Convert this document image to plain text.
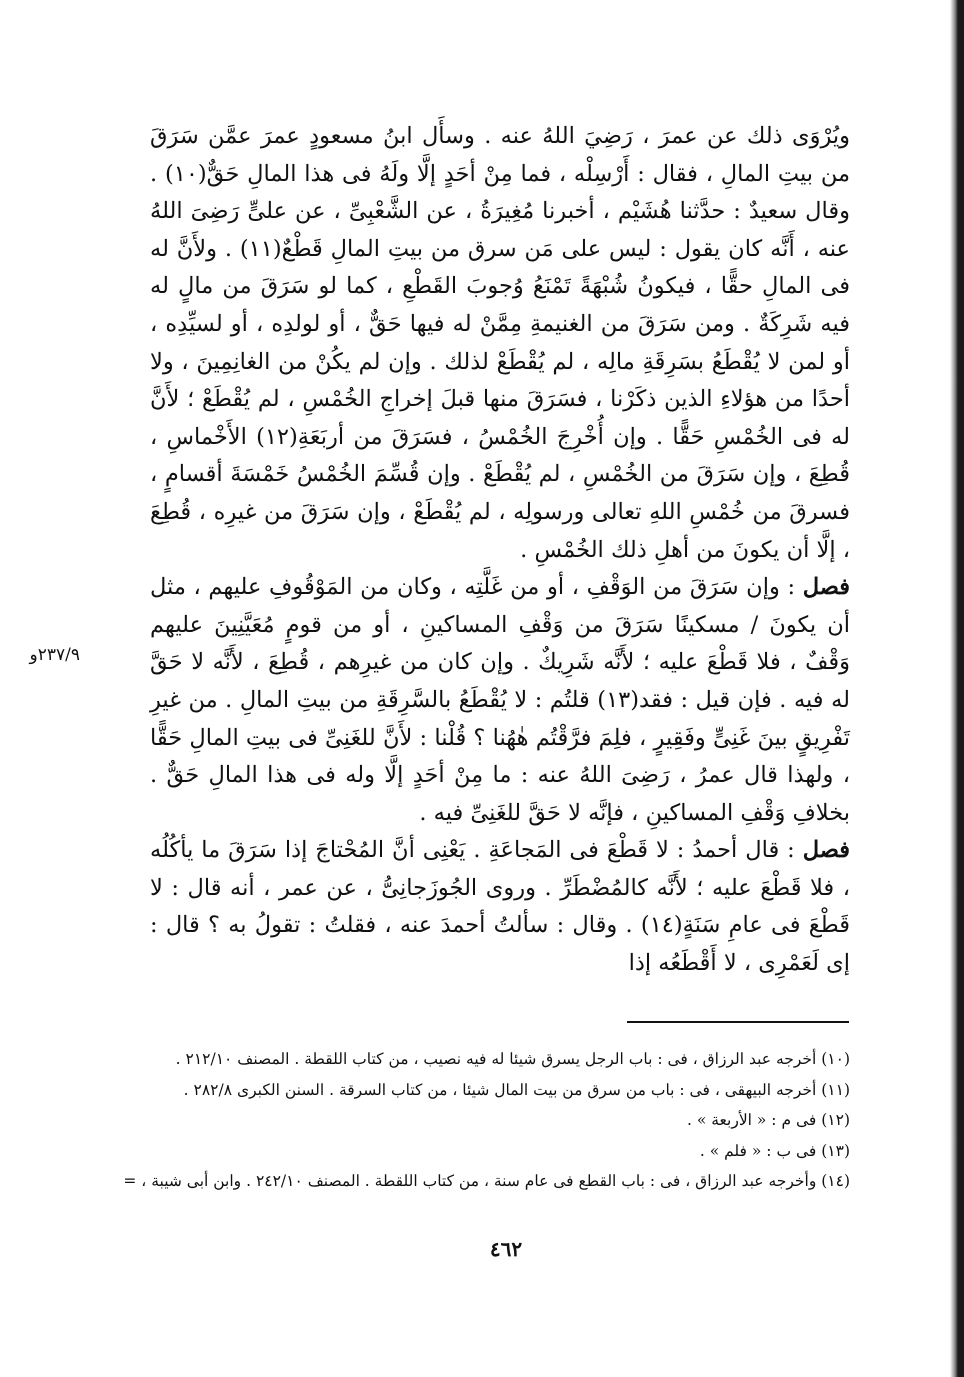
ويُرْوَى ذلك عن عمرَ ، رَضِيَ اللهُ عنه . وسأَل ابنُ مسعودٍ عمرَ عمَّن سَرَقَ من بيتِ المالِ ، فقال : أَرْسِلْه ، فما مِنْ أحَدٍ إلَّا ولَهُ فى هذا المالِ حَقٌّ(١٠) . وقال سعيدٌ : حدَّثنا هُشَيْم ، أخبرنا مُغِيرَةُ ، عن الشَّعْبِىِّ ، عن علىٍّ رَضِىَ اللهُ عنه ، أَنَّه كان يقول : ليس على مَن سرق من بيتِ المالِ قَطْعٌ(١١) . ولأَنَّ له فى المالِ حقًّا ، فيكونُ شُبْهَةً تَمْنَعُ وُجوبَ القَطْعِ ، كما لو سَرَقَ من مالٍ له فيه شَرِكَةٌ . ومن سَرَقَ من الغنيمةِ مِمَّنْ له فيها حَقٌّ ، أو لولدِه ، أو لسيِّدِه ، أو لمن لا يُقْطَعُ بسَرِقَةِ مالِه ، لم يُقْطَعْ لذلك . وإن لم يكُنْ من الغانِمِينَ ، ولا أحدًا من هؤلاءِ الذين ذكَرْنا ، فسَرَقَ منها قبلَ إخراجِ الخُمْسِ ، لم يُقْطَعْ ؛ لأَنَّ له فى الخُمْسِ حَقًّا . وإن أُخْرِجَ الخُمْسُ ، فسَرَقَ من أربَعَةِ(١٢) الأَخْماسِ ، قُطِعَ ، وإن سَرَقَ من الخُمْسِ ، لم يُقْطَعْ . وإن قُسِّمَ الخُمْسُ خَمْسَةَ أقسامٍ ، فسرقَ من خُمْسِ اللهِ تعالى ورسولِه ، لم يُقْطَعْ ، وإن سَرَقَ من غيرِه ، قُطِعَ ، إلَّا أن يكونَ من أهلِ ذلك الخُمْسِ .

فصل : وإن سَرَقَ من الوَقْفِ ، أو من غَلَّتِه ، وكان من المَوْقُوفِ عليهم ، مثل أن يكونَ / مسكينًا سَرَقَ من وَقْفِ المساكينِ ، أو من قومٍ مُعَيَّنِينَ عليهم وَقْفٌ ، فلا قَطْعَ عليه ؛ لأَنَّه شَرِيكٌ . وإن كان من غيرِهم ، قُطِعَ ، لأَنَّه لا حَقَّ له فيه . فإن قيل : فقد(١٣) قلتُم : لا يُقْطَعُ بالسَّرِقَةِ من بيتِ المالِ . من غيرِ تَفْرِيقٍ بينَ غَنِىٍّ وفَقِيرٍ ، فلِمَ فرَّقْتُم هٰهُنا ؟ قُلْنا : لأَنَّ للغَنِىِّ فى بيتِ المالِ حَقًّا ، ولهذا قال عمرُ ، رَضِىَ اللهُ عنه : ما مِنْ أحَدٍ إلَّا وله فى هذا المالِ حَقٌّ . بخلافِ وَقْفِ المساكينِ ، فإنَّه لا حَقَّ للغَنِىِّ فيه .

فصل : قال أحمدُ : لا قَطْعَ فى المَجاعَةِ . يَعْنِى أنَّ المُحْتاجَ إذا سَرَقَ ما يأكُلُه ، فلا قَطْعَ عليه ؛ لأَنَّه كالمُضْطَرِّ . وروى الجُوزَجانِىُّ ، عن عمر ، أنه قال : لا قَطْعَ فى عامِ سَنَةٍ(١٤) . وقال : سألتُ أحمدَ عنه ، فقلتُ : تقولُ به ؟ قال : إى لَعَمْرِى ، لا أَقْطَعُه إذا

٢٣٧/٩و
(١٠) أخرجه عبد الرزاق ، فى : باب الرجل يسرق شيئا له فيه نصيب ، من كتاب اللقطة . المصنف ٢١٢/١٠ .
(١١) أخرجه البيهقى ، فى : باب من سرق من بيت المال شيئا ، من كتاب السرقة . السنن الكبرى ٢٨٢/٨ .
(١٢) فى م : « الأربعة » .
(١٣) فى ب : « فلم » .
(١٤) وأخرجه عبد الرزاق ، فى : باب القطع فى عام سنة ، من كتاب اللقطة . المصنف ٢٤٢/١٠ . وابن أبى شيبة ، =
٤٦٢
